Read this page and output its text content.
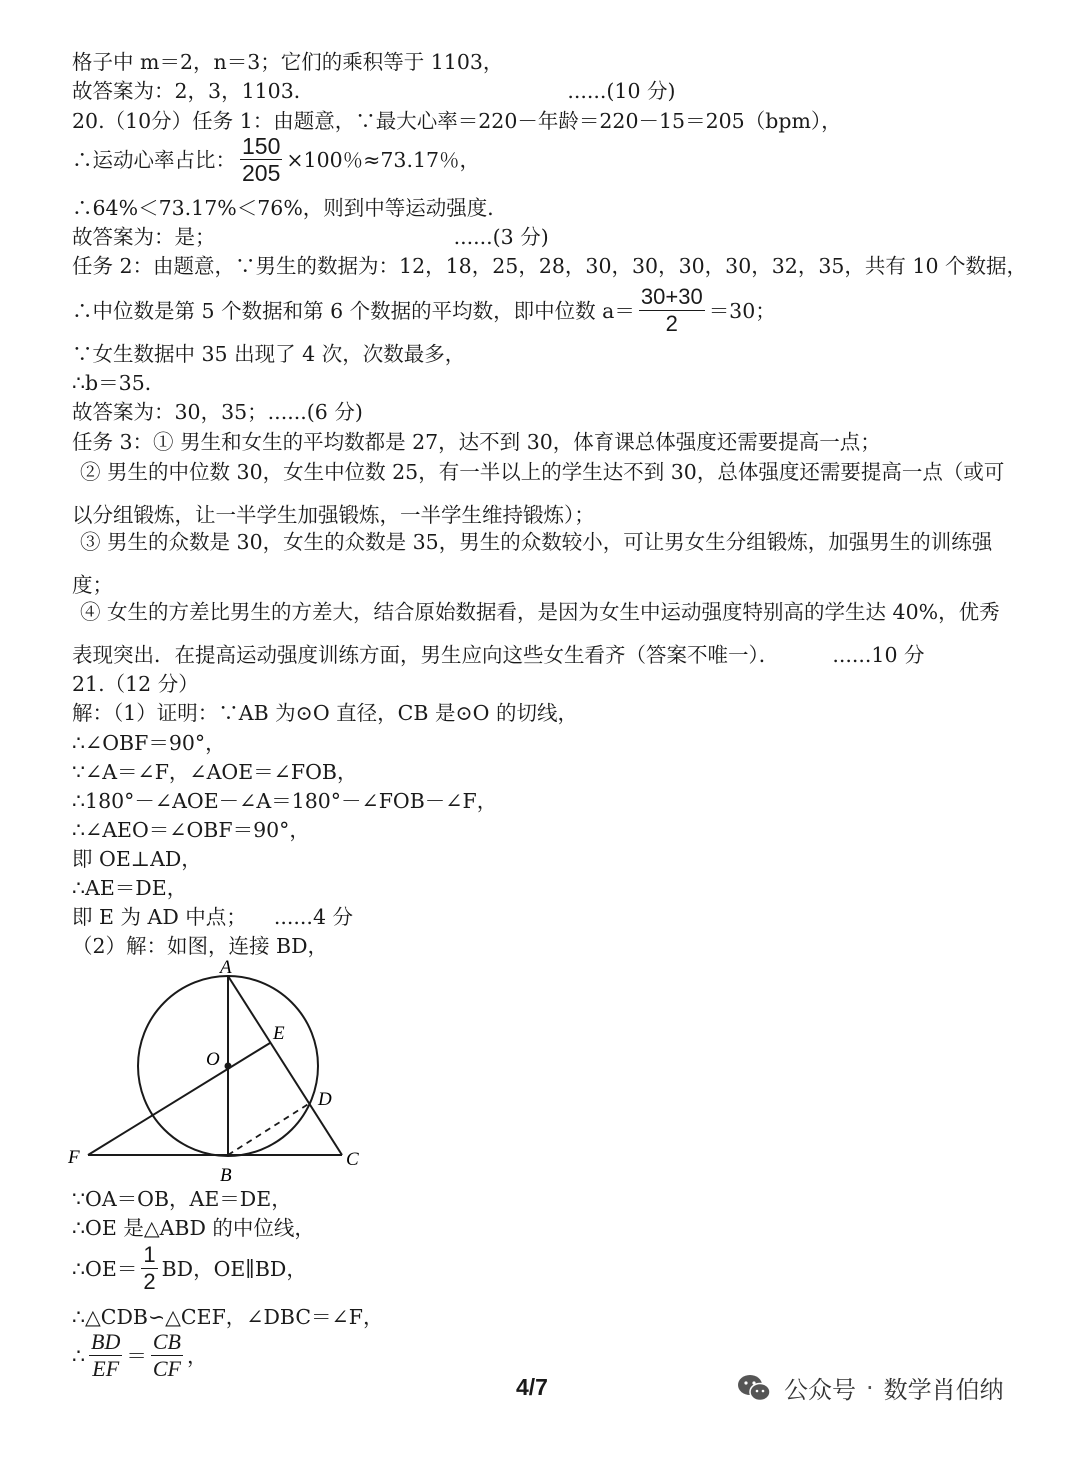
格子中 m＝2，n＝3；它们的乘积等于 1103，
故答案为：2，3，1103．	......(10 分)
20.（10分）任务 1：由题意，∵最大心率＝220－年龄＝220－15＝205（bpm），
∴运动心率占比： $\frac{150}{205} \times 100$％≈73.17％，
∴64%＜73.17%＜76%，则到中等运动强度．
故答案为：是；	......(3 分)
任务 2：由题意，∵男生的数据为：12，18，25，28，30，30，30，30，32，35，共有 10 个数据，
∴中位数是第 5 个数据和第 6 个数据的平均数，即中位数 $a= \frac{30+30}{2} =30$；
∵女生数据中 35 出现了 4 次，次数最多，
∴b＝35．
故答案为：30，35；......(6 分)
任务 3：① 男生和女生的平均数都是 27，达不到 30，体育课总体强度还需要提高一点；
② 男生的中位数 30，女生中位数 25，有一半以上的学生达不到 30，总体强度还需要提高一点（或可
以分组锻炼，让一半学生加强锻炼，一半学生维持锻炼）；
③ 男生的众数是 30，女生的众数是 35，男生的众数较小，可让男女生分组锻炼，加强男生的训练强
度；
④ 女生的方差比男生的方差大，结合原始数据看，是因为女生中运动强度特别高的学生达 40%，优秀
表现突出．在提高运动强度训练方面，男生应向这些女生看齐（答案不唯一）．	......10 分
21.（12 分）
解：（1）证明：∵AB 为⊙O 直径，CB 是⊙O 的切线，
∴∠OBF＝90°，
∵∠A＝∠F，∠AOE＝∠FOB，
∴180°－∠AOE－∠A＝180°－∠FOB－∠F，
∴∠AEO＝∠OBF＝90°，
即 OE⊥AD，
∴AE＝DE，
即 E 为 AD 中点； ......4 分
（2）解：如图，连接 BD，
A
B
C
D
E
F
O
∵OA＝OB，AE＝DE，
∴OE 是△ABD 的中位线，
∴OE＝ $\frac{1}{2}$ BD，OE∥BD，
∴△CDB∽△CEF，∠DBC＝∠F，
∴ $\frac{BD}{EF} = \frac{CB}{CF}$ ，
4/7	公众号 · 数学肖伯纳
